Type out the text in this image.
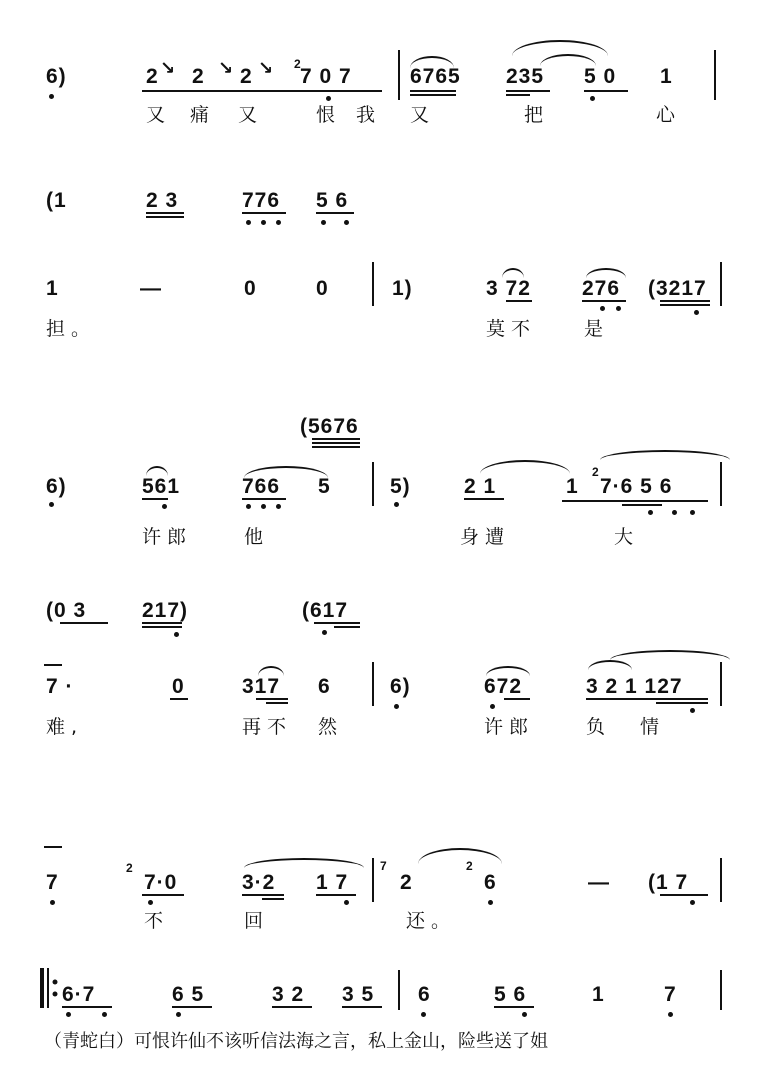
6)	2 ↘ 2 ↘ 2 ↘ 2
7 0 7	6765 235 5 0 1
又 痛 又	恨 我 又	把	心
(1	2 3	776 5 6
1	—	0	0	1)	3 72 276 (3217
担。	莫不	是
(5676
6)	561	766 5	5)	2 1	1
2
7·6 5 6
许郎	他	身遭	大
(0 3	217)	(617
7 ·	0	317 6	6)	672	3 2 1 127
难,	再不 然	许郎	负 情
7
2
7·0	3·2 1 7
7
2
2
6	— (1 7
不	回	还。
6·7	6 5	3 2 3 5 6	5 6	1	7
（青蛇白）可恨许仙不该听信法海之言，私上金山，险些送了姐
